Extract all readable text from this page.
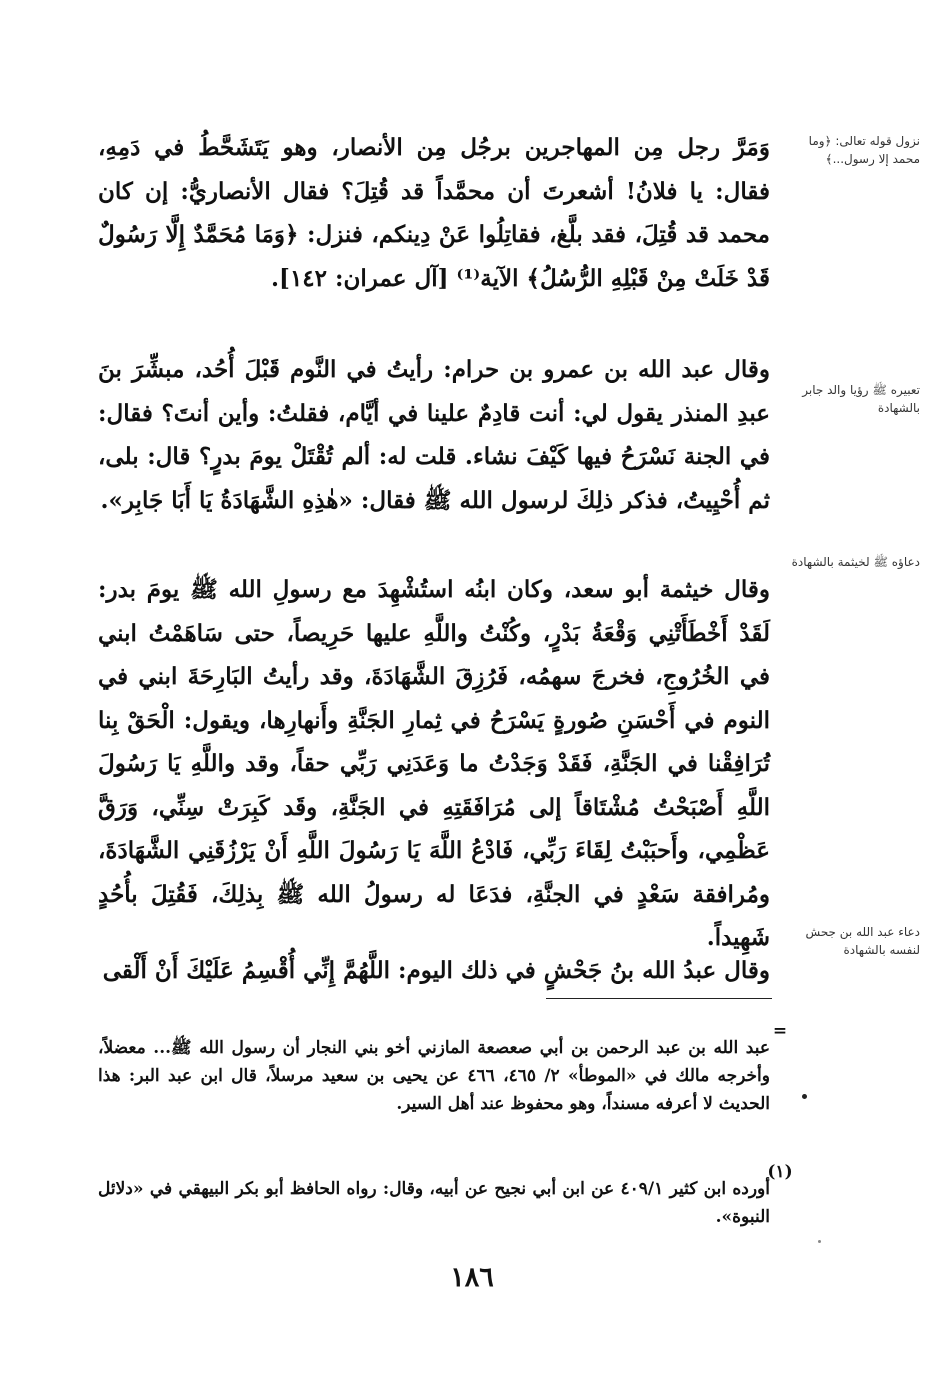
وَمَرَّ رجل مِن المهاجرين برجُل مِن الأنصار، وهو يَتَشَحَّطُ في دَمِهِ، فقال: يا فلانُ! أشعرتَ أن محمَّداً قد قُتِلَ؟ فقال الأنصاريُّ: إن كان محمد قد قُتِلَ، فقد بلَّغ، فقاتِلُوا عَنْ دِينكم، فنزل: ﴿وَمَا مُحَمَّدٌ إِلَّا رَسُولٌ قَدْ خَلَتْ مِنْ قَبْلِهِ الرُّسُلُ﴾ الآية⁽¹⁾ [آل عمران: ١٤٢].

وقال عبد الله بن عمرو بن حرام: رأيتُ في النَّوم قَبْلَ أُحُد، مبشِّرَ بنَ عبدِ المنذر يقول لي: أنت قادِمٌ علينا في أيَّام، فقلتُ: وأين أنتَ؟ فقال: في الجنة نَسْرَحُ فيها كَيْفَ نشاء. قلت له: ألم تُقْتَلْ يومَ بدرٍ؟ قال: بلى، ثم أُحْيِيتُ، فذكر ذلِكَ لرسول الله ﷺ فقال: «هٰذِهِ الشَّهَادَةُ يَا أَبَا جَابِر».

وقال خيثمة أبو سعد، وكان ابنُه استُشْهِدَ مع رسولِ الله ﷺ يومَ بدر: لَقَدْ أَخْطَأَتْنِي وَقْعَةُ بَدْرٍ، وكُنْتُ واللَّهِ عليها حَرِيصاً، حتى سَاهَمْتُ ابني في الخُرُوجِ، فخرجَ سهمُه، فَرُزِقَ الشَّهَادَةَ، وقد رأيتُ البَارِحَةَ ابني في النوم في أَحْسَنِ صُورةٍ يَسْرَحُ في ثِمارِ الجَنَّةِ وأَنهارِها، ويقول: الْحَقْ بِنا تُرَافِقْنا في الجَنَّةِ، فَقَدْ وَجَدْتُ ما وَعَدَنِي رَبِّي حقاً، وقد واللَّهِ يَا رَسُولَ اللَّهِ أَصْبَحْتُ مُشْتَاقاً إلى مُرَافَقَتِهِ في الجَنَّةِ، وقَد كَبِرَتْ سِنِّي، وَرَقَّ عَظْمِي، وأَحبَبْتُ لِقَاءَ رَبِّي، فَادْعُ اللَّهَ يَا رَسُولَ اللَّهِ أَنْ يَرْزُقَنِي الشَّهَادَةَ، ومُرافقة سَعْدٍ في الجنَّةِ، فدَعَا له رسولُ الله ﷺ بِذلِكَ، فَقُتِلَ بأُحُدٍ شَهِيداً.

وقال عبدُ الله بنُ جَحْشٍ في ذلك اليوم: اللَّهُمَّ إِنِّي أُقْسِمُ عَلَيْكَ أَنْ أَلْقى

نزول قوله تعالى: ﴿وما محمد إلا رسول...﴾
تعبيره ﷺ رؤيا والد جابر بالشهادة
دعاؤه ﷺ لخيثمة بالشهادة
دعاء عبد الله بن جحش لنفسه بالشهادة
=

عبد الله بن عبد الرحمن بن أبي صعصعة المازني أخو بني النجار أن رسول الله ﷺ... معضلاً، وأخرجه مالك في «الموطأ» ٢/ ٤٦٥، ٤٦٦ عن يحيى بن سعيد مرسلاً، قال ابن عبد البر: هذا الحديث لا أعرفه مسنداً، وهو محفوظ عند أهل السير.

(١)

أورده ابن كثير ٤٠٩/١ عن ابن أبي نجيح عن أبيه، وقال: رواه الحافظ أبو بكر البيهقي في «دلائل النبوة».

١٨٦
